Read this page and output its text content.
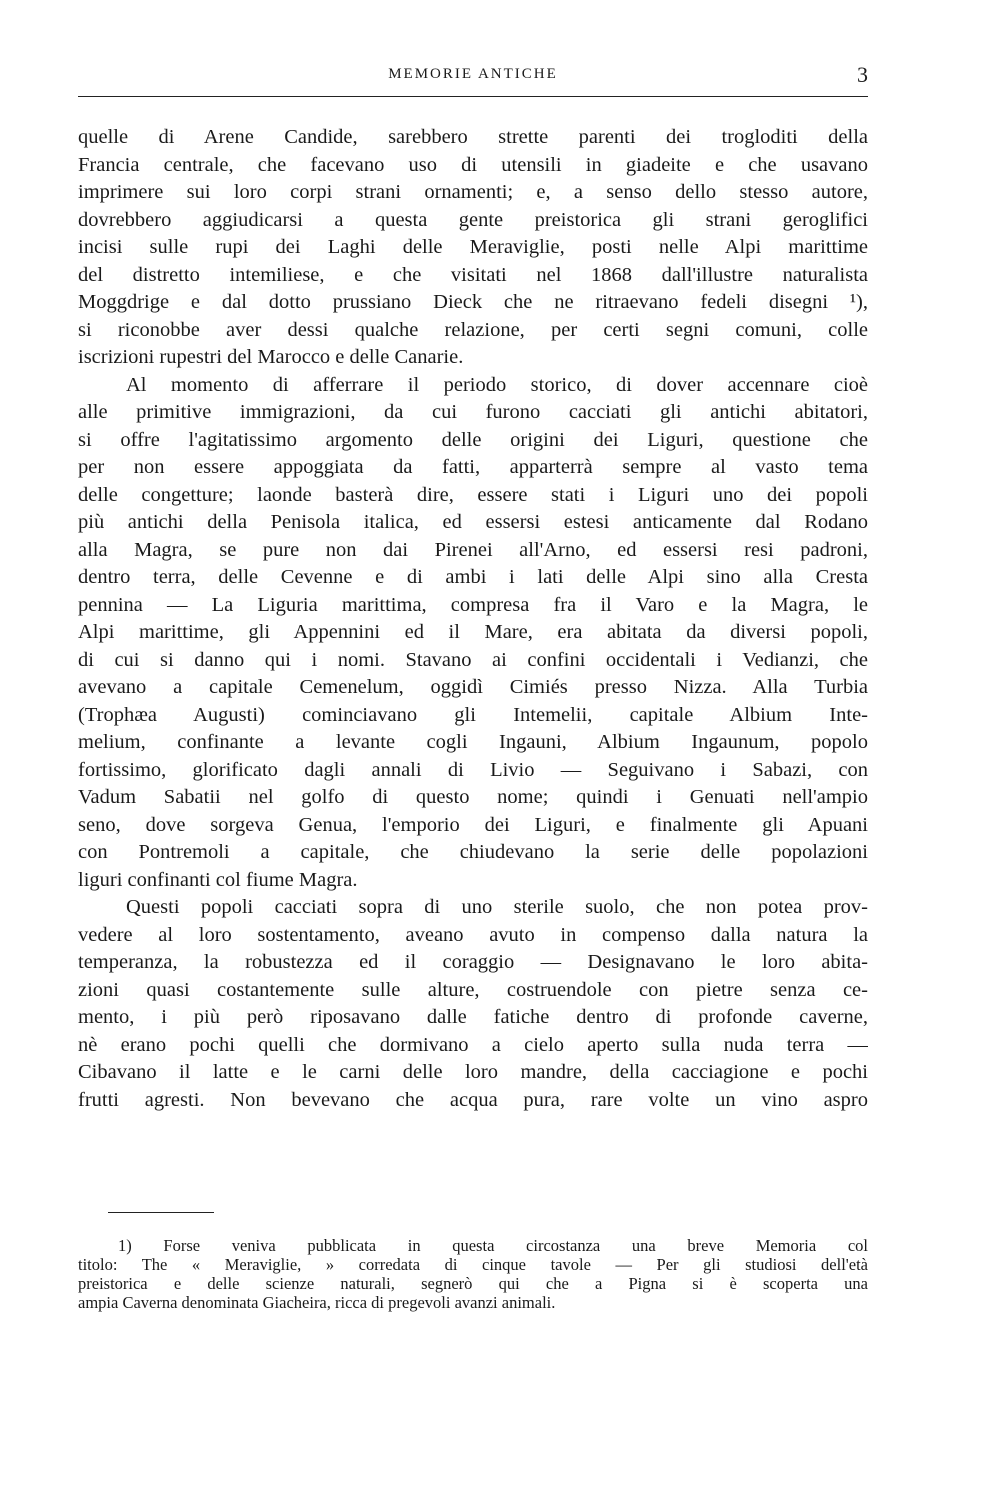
MEMORIE ANTICHE	3
quelle di Arene Candide, sarebbero strette parenti dei trogloditi della
Francia centrale, che facevano uso di utensili in giadeite e che usavano
imprimere sui loro corpi strani ornamenti; e, a senso dello stesso autore,
dovrebbero aggiudicarsi a questa gente preistorica gli strani geroglifici
incisi sulle rupi dei Laghi delle Meraviglie, posti nelle Alpi marittime
del distretto intemiliese, e che visitati nel 1868 dall'illustre naturalista
Moggdrige e dal dotto prussiano Dieck che ne ritraevano fedeli disegni ¹),
si riconobbe aver dessi qualche relazione, per certi segni comuni, colle
iscrizioni rupestri del Marocco e delle Canarie.
Al momento di afferrare il periodo storico, di dover accennare cioè
alle primitive immigrazioni, da cui furono cacciati gli antichi abitatori,
si offre l'agitatissimo argomento delle origini dei Liguri, questione che
per non essere appoggiata da fatti, apparterrà sempre al vasto tema
delle congetture; laonde basterà dire, essere stati i Liguri uno dei popoli
più antichi della Penisola italica, ed essersi estesi anticamente dal Rodano
alla Magra, se pure non dai Pirenei all'Arno, ed essersi resi padroni,
dentro terra, delle Cevenne e di ambi i lati delle Alpi sino alla Cresta
pennina — La Liguria marittima, compresa fra il Varo e la Magra, le
Alpi marittime, gli Appennini ed il Mare, era abitata da diversi popoli,
di cui si danno qui i nomi. Stavano ai confini occidentali i Vedianzi, che
avevano a capitale Cemenelum, oggidì Cimiés presso Nizza. Alla Turbia
(Trophæa Augusti) cominciavano gli Intemelii, capitale Albium Inte-
melium, confinante a levante cogli Ingauni, Albium Ingaunum, popolo
fortissimo, glorificato dagli annali di Livio — Seguivano i Sabazi, con
Vadum Sabatii nel golfo di questo nome; quindi i Genuati nell'ampio
seno, dove sorgeva Genua, l'emporio dei Liguri, e finalmente gli Apuani
con Pontremoli a capitale, che chiudevano la serie delle popolazioni
liguri confinanti col fiume Magra.
Questi popoli cacciati sopra di uno sterile suolo, che non potea prov-
vedere al loro sostentamento, aveano avuto in compenso dalla natura la
temperanza, la robustezza ed il coraggio — Designavano le loro abita-
zioni quasi costantemente sulle alture, costruendole con pietre senza ce-
mento, i più però riposavano dalle fatiche dentro di profonde caverne,
nè erano pochi quelli che dormivano a cielo aperto sulla nuda terra —
Cibavano il latte e le carni delle loro mandre, della cacciagione e pochi
frutti agresti. Non bevevano che acqua pura, rare volte un vino aspro
1) Forse veniva pubblicata in questa circostanza una breve Memoria col
titolo: The « Meraviglie, » corredata di cinque tavole — Per gli studiosi dell'età
preistorica e delle scienze naturali, segnerò qui che a Pigna si è scoperta una
ampia Caverna denominata Giacheira, ricca di pregevoli avanzi animali.
